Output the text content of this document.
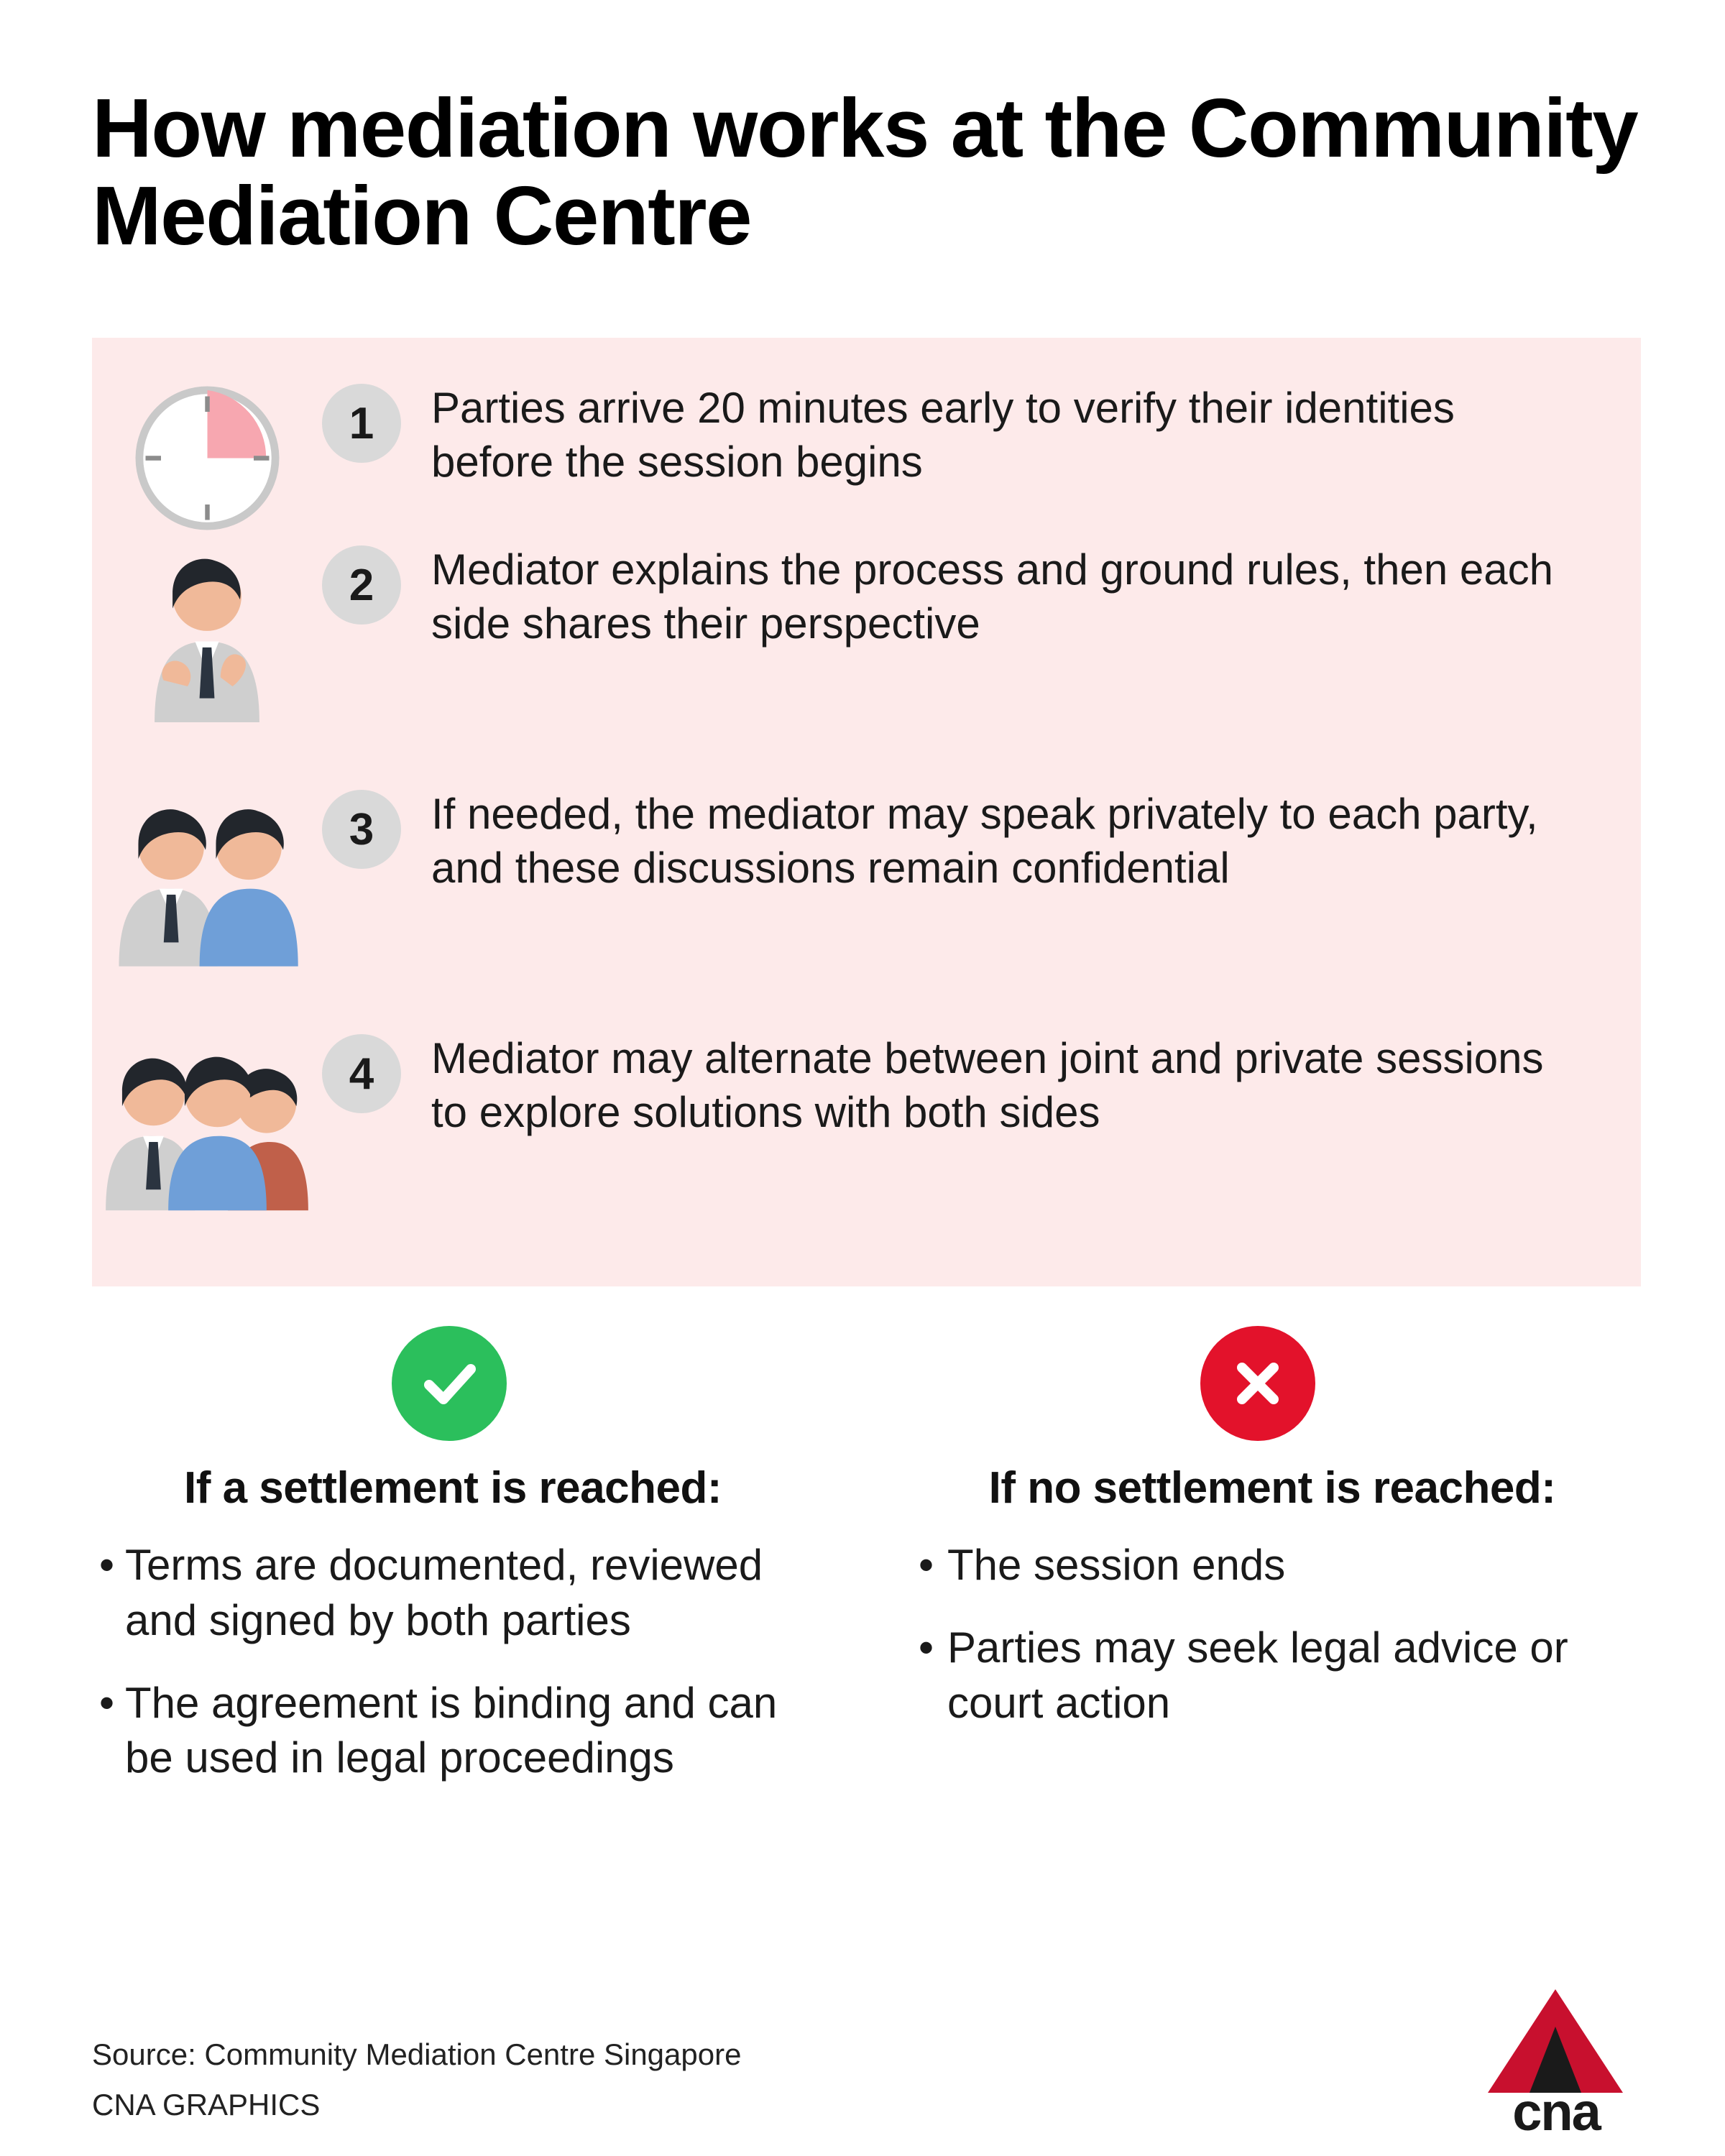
How mediation works at the Community Mediation Centre
1	Parties arrive 20 minutes early to verify their identities before the session begins
2	Mediator explains the process and ground rules, then each side shares their perspective
3	If needed, the mediator may speak privately to each party, and these discussions remain confidential
4	Mediator may alternate between joint and private sessions to explore solutions with both sides
If a settlement is reached:
• Terms are documented, reviewed and signed by both parties
• The agreement is binding and can be used in legal proceedings
If no settlement is reached:
• The session ends
• Parties may seek legal advice or court action
Source: Community Mediation Centre Singapore
CNA GRAPHICS	cna
